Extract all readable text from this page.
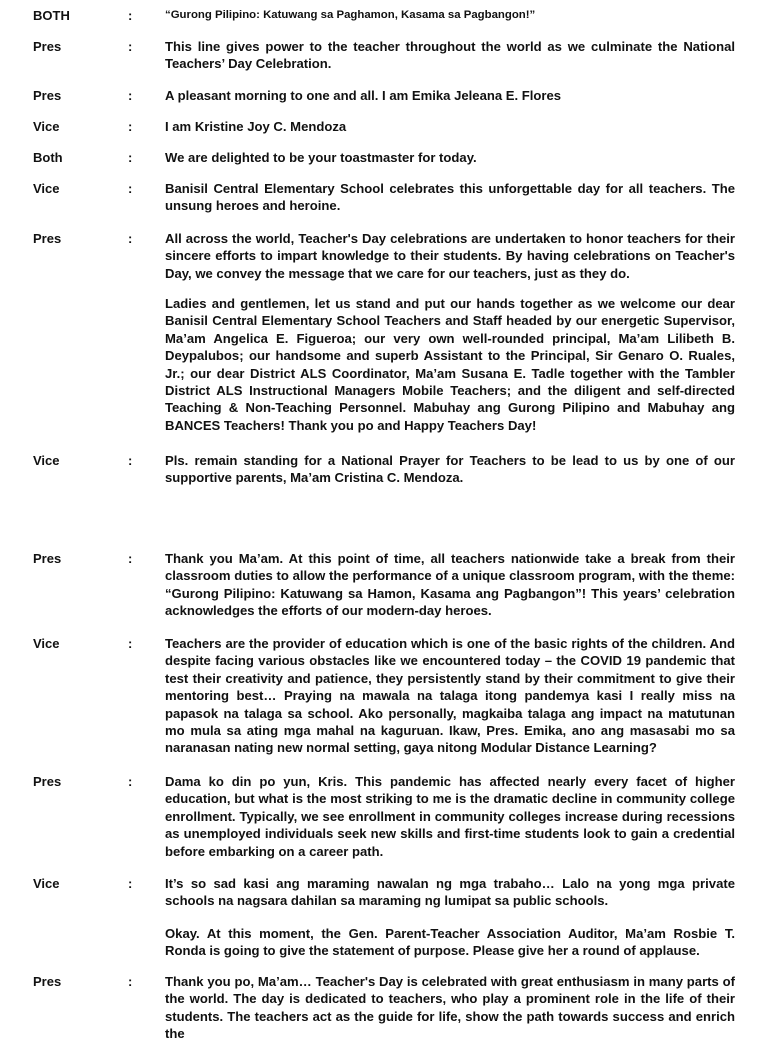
BOTH	:	“Gurong Pilipino: Katuwang sa Paghamon, Kasama sa Pagbangon!”
Pres	: This line gives power to the teacher throughout the world as we culminate the National Teachers’ Day Celebration.
Pres	: A pleasant morning to one and all. I am Emika Jeleana E. Flores
Vice	: I am Kristine Joy C. Mendoza
Both	: We are delighted to be your toastmaster for today.
Vice	: Banisil Central Elementary School celebrates this unforgettable day for all teachers. The unsung heroes and heroine.
Pres	: All across the world, Teacher's Day celebrations are undertaken to honor teachers for their sincere efforts to impart knowledge to their students. By having celebrations on Teacher's Day, we convey the message that we care for our teachers, just as they do.
Ladies and gentlemen, let us stand and put our hands together as we welcome our dear Banisil Central Elementary School Teachers and Staff headed by our energetic Supervisor, Ma’am Angelica E. Figueroa; our very own well-rounded principal, Ma’am Lilibeth B. Deypalubos; our handsome and superb Assistant to the Principal, Sir Genaro O. Ruales, Jr.; our dear District ALS Coordinator, Ma’am Susana E. Tadle together with the Tambler District ALS Instructional Managers Mobile Teachers; and the diligent and self-directed Teaching & Non-Teaching Personnel. Mabuhay ang Gurong Pilipino and Mabuhay ang BANCES Teachers! Thank you po and Happy Teachers Day!
Vice	: Pls. remain standing for a National Prayer for Teachers to be lead to us by one of our supportive parents, Ma’am Cristina C. Mendoza.
Pres	: Thank you Ma’am. At this point of time, all teachers nationwide take a break from their classroom duties to allow the performance of a unique classroom program, with the theme: “Gurong Pilipino: Katuwang sa Hamon, Kasama ang Pagbangon”! This years’ celebration acknowledges the efforts of our modern-day heroes.
Vice	: Teachers are the provider of education which is one of the basic rights of the children. And despite facing various obstacles like we encountered today – the COVID 19 pandemic that test their creativity and patience, they persistently stand by their commitment to give their mentoring best… Praying na mawala na talaga itong pandemya kasi I really miss na papasok na talaga sa school. Ako personally, magkaiba talaga ang impact na matutunan mo mula sa ating mga mahal na kaguruan. Ikaw, Pres. Emika, ano ang masasabi mo sa naranasan nating new normal setting, gaya nitong Modular Distance Learning?
Pres	: Dama ko din po yun, Kris. This pandemic has affected nearly every facet of higher education, but what is the most striking to me is the dramatic decline in community college enrollment. Typically, we see enrollment in community colleges increase during recessions as unemployed individuals seek new skills and first-time students look to gain a credential before embarking on a career path.
Vice	: It’s so sad kasi ang maraming nawalan ng mga trabaho… Lalo na yong mga private schools na nagsara dahilan sa maraming ng lumipat sa public schools.
Okay. At this moment, the Gen. Parent-Teacher Association Auditor, Ma’am Rosbie T. Ronda is going to give the statement of purpose. Please give her a round of applause.
Pres	: Thank you po, Ma’am… Teacher's Day is celebrated with great enthusiasm in many parts of the world. The day is dedicated to teachers, who play a prominent role in the life of their students. The teachers act as the guide for life, show the path towards success and enrich the
